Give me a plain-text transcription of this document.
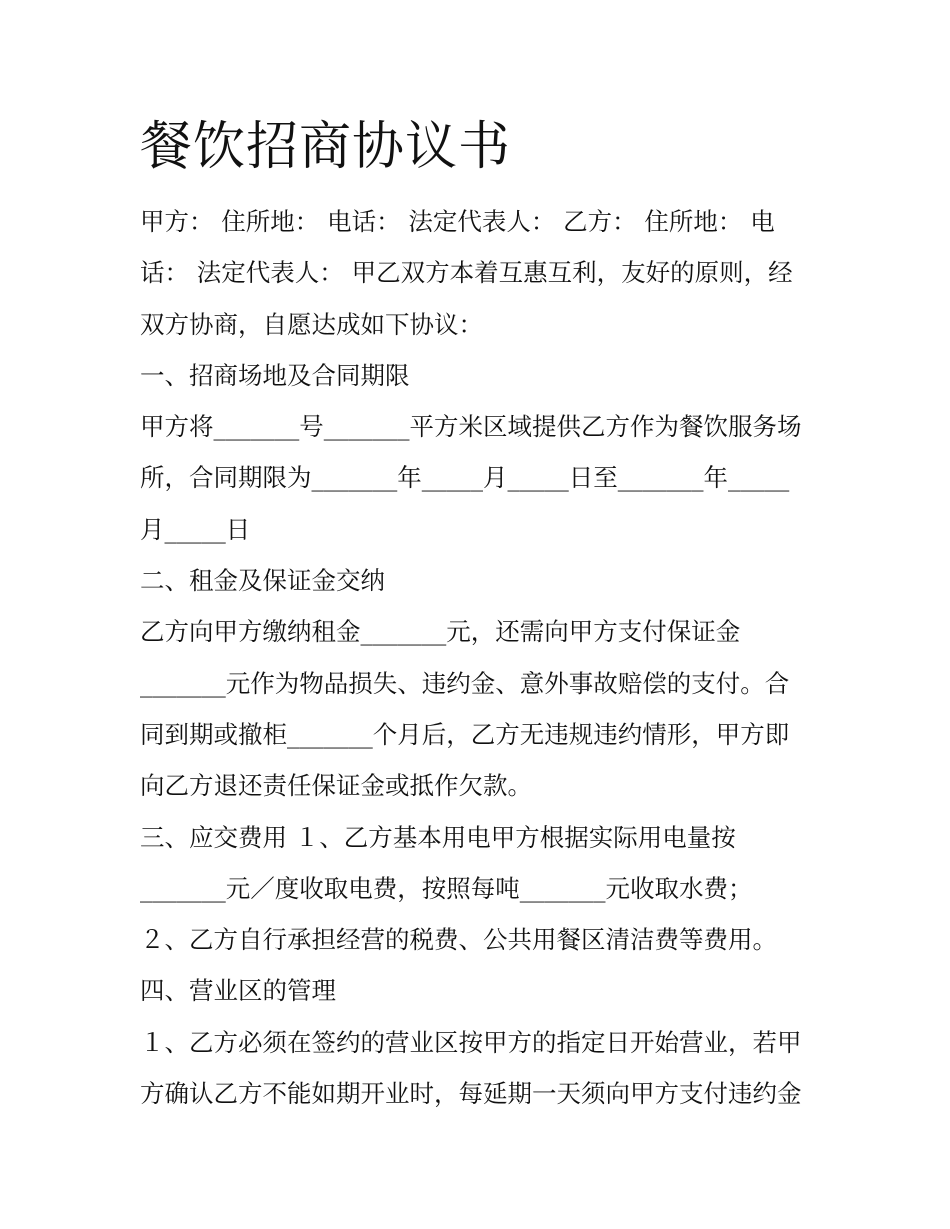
餐饮招商协议书

甲方： 住所地： 电话： 法定代表人： 乙方： 住所地： 电

话： 法定代表人： 甲乙双方本着互惠互利，友好的原则，经

双方协商，自愿达成如下协议：

一、招商场地及合同期限

甲方将_______号_______平方米区域提供乙方作为餐饮服务场

所，合同期限为_______年_____月_____日至_______年_____

月_____日

二、租金及保证金交纳

乙方向甲方缴纳租金_______元，还需向甲方支付保证金

_______元作为物品损失、违约金、意外事故赔偿的支付。合

同到期或撤柜_______个月后，乙方无违规违约情形，甲方即

向乙方退还责任保证金或抵作欠款。

三、应交费用 １、乙方基本用电甲方根据实际用电量按

_______元／度收取电费，按照每吨_______元收取水费；

２、乙方自行承担经营的税费、公共用餐区清洁费等费用。

四、营业区的管理

１、乙方必须在签约的营业区按甲方的指定日开始营业，若甲

方确认乙方不能如期开业时，每延期一天须向甲方支付违约金
